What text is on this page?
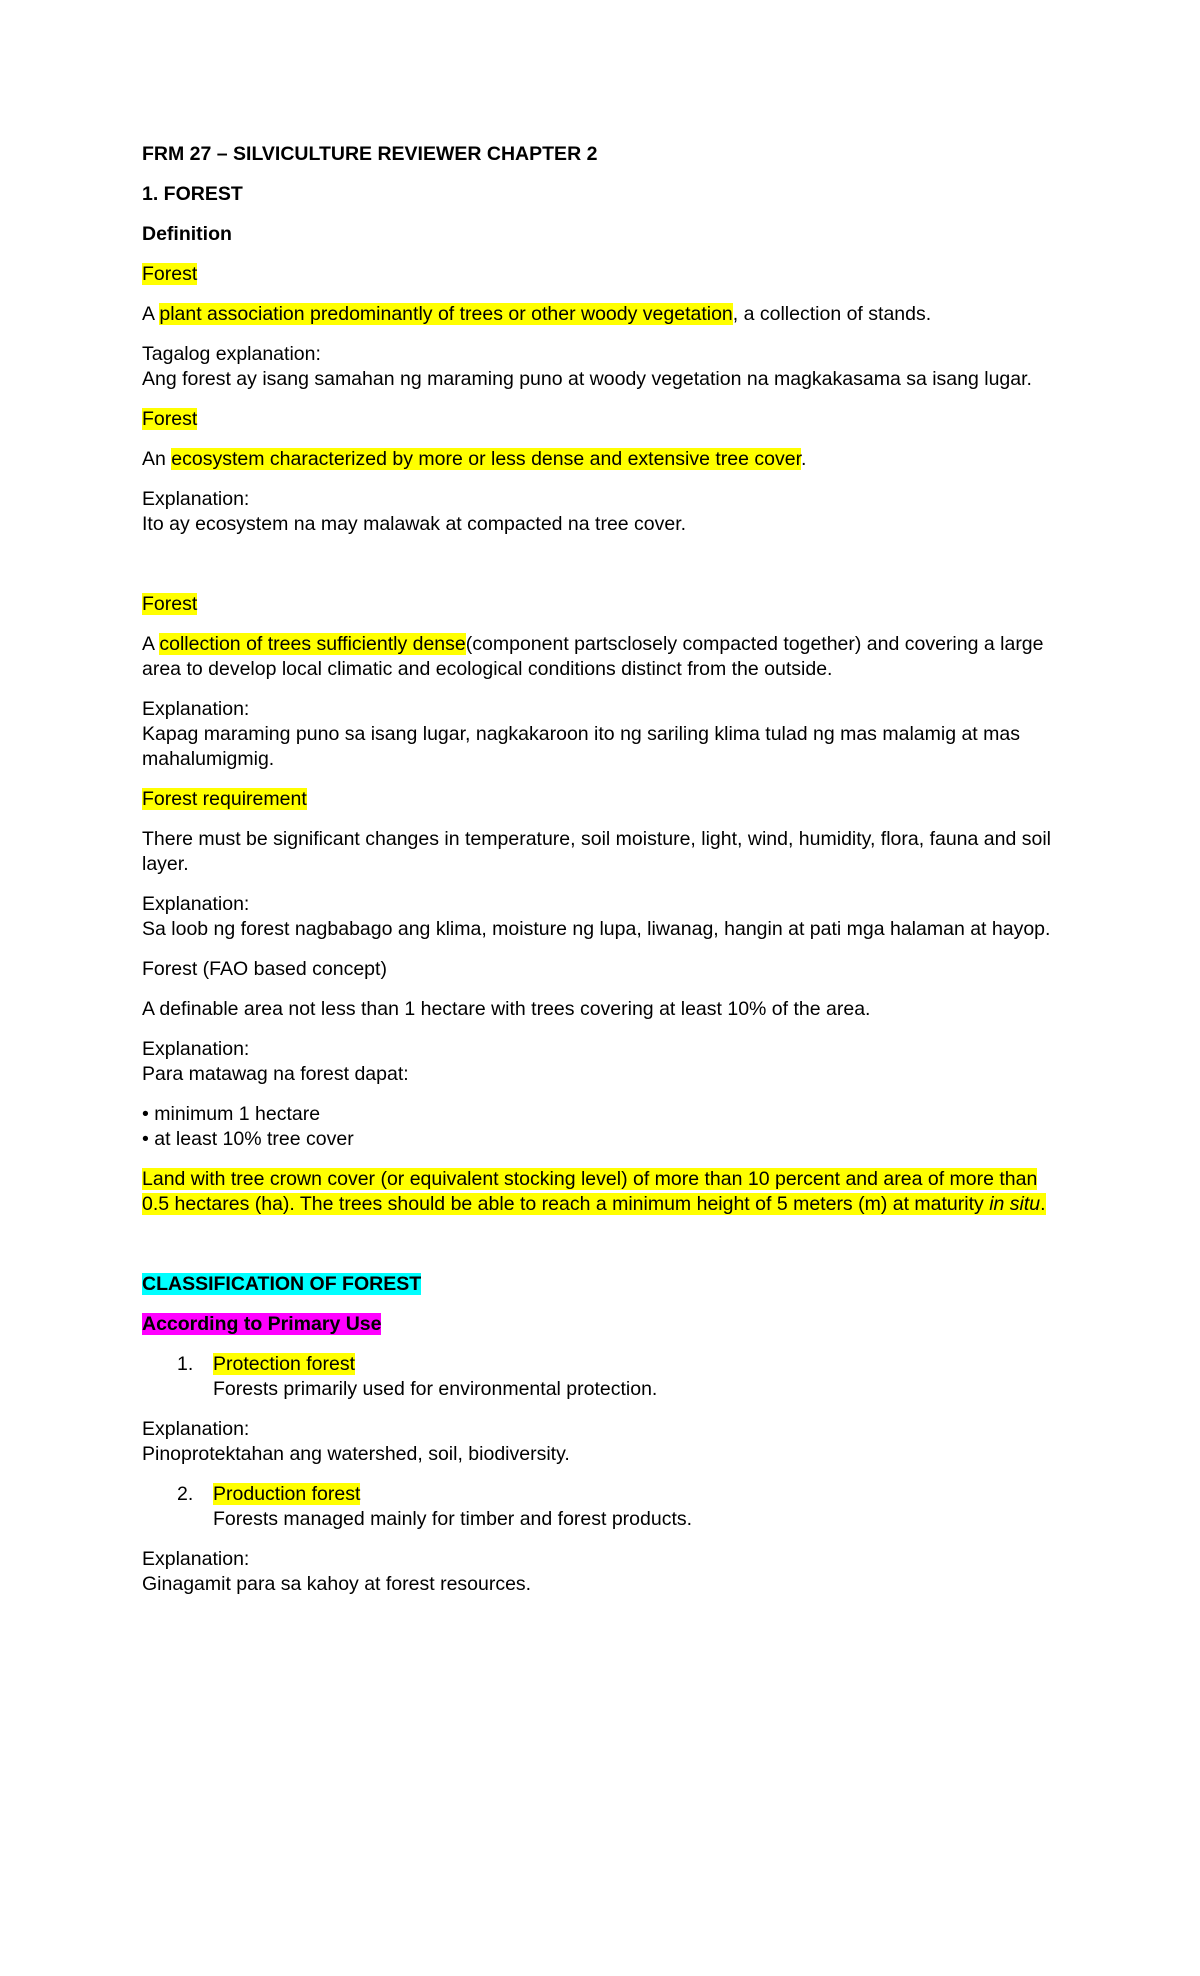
FRM 27 – SILVICULTURE REVIEWER CHAPTER 2
1. FOREST
Definition
Forest
A plant association predominantly of trees or other woody vegetation, a collection of stands.
Tagalog explanation:
Ang forest ay isang samahan ng maraming puno at woody vegetation na magkakasama sa isang lugar.
Forest
An ecosystem characterized by more or less dense and extensive tree cover.
Explanation:
Ito ay ecosystem na may malawak at compacted na tree cover.
Forest
A collection of trees sufficiently dense(component partsclosely compacted together) and covering a large
area to develop local climatic and ecological conditions distinct from the outside.
Explanation:
Kapag maraming puno sa isang lugar, nagkakaroon ito ng sariling klima tulad ng mas malamig at mas
mahalumigmig.
Forest requirement
There must be significant changes in temperature, soil moisture, light, wind, humidity, flora, fauna and soil
layer.
Explanation:
Sa loob ng forest nagbabago ang klima, moisture ng lupa, liwanag, hangin at pati mga halaman at hayop.
Forest (FAO based concept)
A definable area not less than 1 hectare with trees covering at least 10% of the area.
Explanation:
Para matawag na forest dapat:
• minimum 1 hectare
• at least 10% tree cover
Land with tree crown cover (or equivalent stocking level) of more than 10 percent and area of more than
0.5 hectares (ha). The trees should be able to reach a minimum height of 5 meters (m) at maturity in situ.
CLASSIFICATION OF FOREST
According to Primary Use
1. Protection forest
Forests primarily used for environmental protection.
Explanation:
Pinoprotektahan ang watershed, soil, biodiversity.
2. Production forest
Forests managed mainly for timber and forest products.
Explanation:
Ginagamit para sa kahoy at forest resources.
